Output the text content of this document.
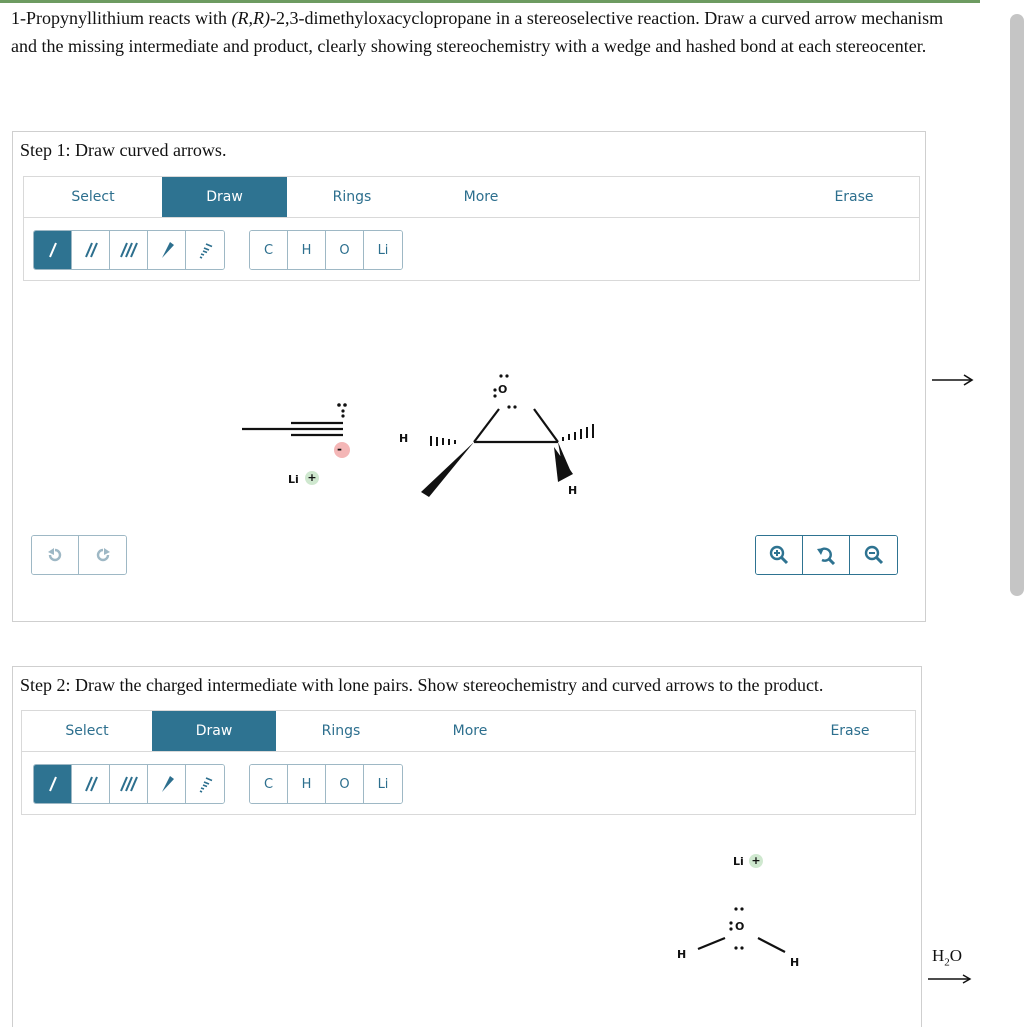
1-Propynyllithium reacts with (R,R)-2,3-dimethyloxacyclopropane in a stereoselective reaction. Draw a curved arrow mechanism and the missing intermediate and product, clearly showing stereochemistry with a wedge and hashed bond at each stereocenter.
Step 1: Draw curved arrows.
Select	Draw	Rings	More	Erase
C	H	O	Li
-
Li +
O
H
H
Step 2: Draw the charged intermediate with lone pairs. Show stereochemistry and curved arrows to the product.
Select	Draw	Rings	More	Erase
C	H	O	Li
Li +
O
H
H	$H_2O$
